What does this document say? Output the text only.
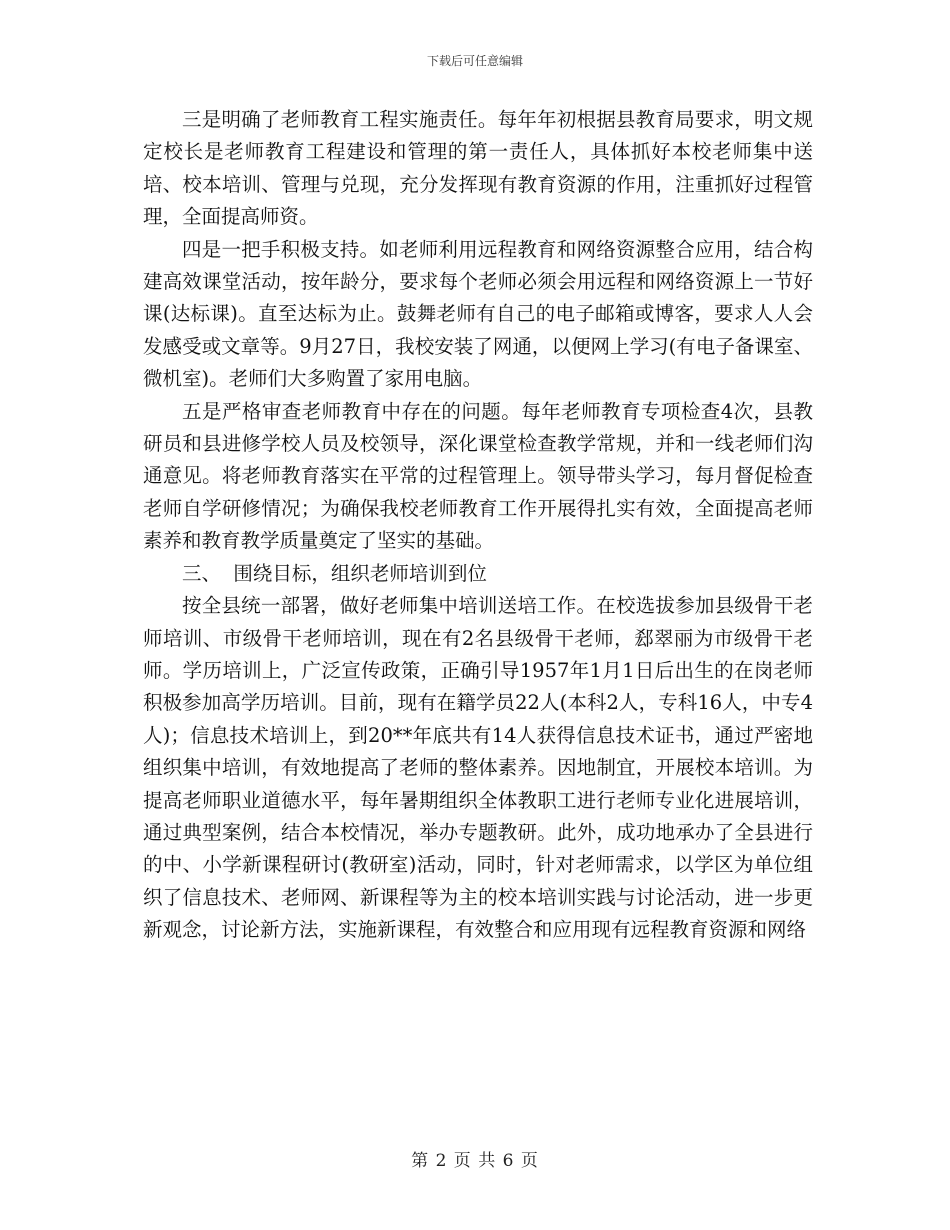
下载后可任意编辑

三是明确了老师教育工程实施责任。每年年初根据县教育局要求，明文规定校长是老师教育工程建设和管理的第一责任人，具体抓好本校老师集中送培、校本培训、管理与兑现，充分发挥现有教育资源的作用，注重抓好过程管理，全面提高师资。

四是一把手积极支持。如老师利用远程教育和网络资源整合应用，结合构建高效课堂活动，按年龄分，要求每个老师必须会用远程和网络资源上一节好课(达标课)。直至达标为止。鼓舞老师有自己的电子邮箱或博客，要求人人会发感受或文章等。9月27日，我校安装了网通，以便网上学习(有电子备课室、微机室)。老师们大多购置了家用电脑。

五是严格审查老师教育中存在的问题。每年老师教育专项检查4次，县教研员和县进修学校人员及校领导，深化课堂检查教学常规，并和一线老师们沟通意见。将老师教育落实在平常的过程管理上。领导带头学习，每月督促检查老师自学研修情况；为确保我校老师教育工作开展得扎实有效，全面提高老师素养和教育教学质量奠定了坚实的基础。

三、  围绕目标，组织老师培训到位

按全县统一部署，做好老师集中培训送培工作。在校选拔参加县级骨干老师培训、市级骨干老师培训，现在有2名县级骨干老师，郄翠丽为市级骨干老师。学历培训上，广泛宣传政策，正确引导1957年1月1日后出生的在岗老师积极参加高学历培训。目前，现有在籍学员22人(本科2人，专科16人，中专4人)；信息技术培训上，到20**年底共有14人获得信息技术证书，通过严密地组织集中培训，有效地提高了老师的整体素养。因地制宜，开展校本培训。为提高老师职业道德水平，每年暑期组织全体教职工进行老师专业化进展培训，通过典型案例，结合本校情况，举办专题教研。此外，成功地承办了全县进行的中、小学新课程研讨(教研室)活动，同时，针对老师需求，以学区为单位组织了信息技术、老师网、新课程等为主的校本培训实践与讨论活动，进一步更新观念，讨论新方法，实施新课程，有效整合和应用现有远程教育资源和网络

第 2 页 共 6 页
